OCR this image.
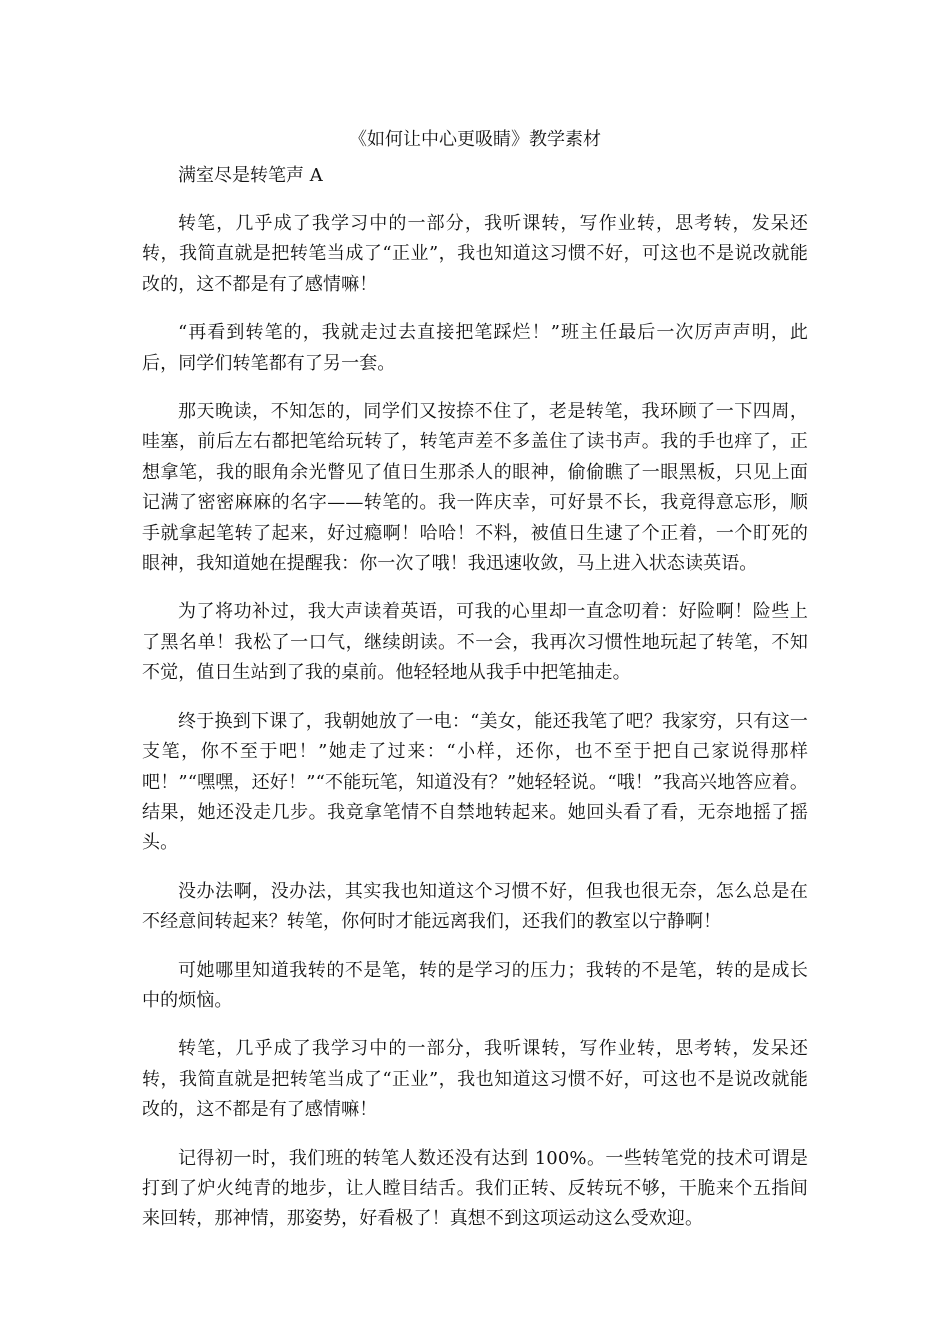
《如何让中心更吸睛》教学素材

满室尽是转笔声 A

转笔，几乎成了我学习中的一部分，我听课转，写作业转，思考转，发呆还转，我简直就是把转笔当成了“正业”，我也知道这习惯不好，可这也不是说改就能改的，这不都是有了感情嘛！

“再看到转笔的，我就走过去直接把笔踩烂！”班主任最后一次厉声声明，此后，同学们转笔都有了另一套。

那天晚读，不知怎的，同学们又按捺不住了，老是转笔，我环顾了一下四周，哇塞，前后左右都把笔给玩转了，转笔声差不多盖住了读书声。我的手也痒了，正想拿笔，我的眼角余光瞥见了值日生那杀人的眼神，偷偷瞧了一眼黑板，只见上面记满了密密麻麻的名字——转笔的。我一阵庆幸，可好景不长，我竟得意忘形，顺手就拿起笔转了起来，好过瘾啊！哈哈！不料，被值日生逮了个正着，一个盯死的眼神，我知道她在提醒我：你一次了哦！我迅速收敛，马上进入状态读英语。

为了将功补过，我大声读着英语，可我的心里却一直念叨着：好险啊！险些上了黑名单！我松了一口气，继续朗读。不一会，我再次习惯性地玩起了转笔，不知不觉，值日生站到了我的桌前。他轻轻地从我手中把笔抽走。

终于换到下课了，我朝她放了一电：“美女，能还我笔了吧？我家穷，只有这一支笔，你不至于吧！”她走了过来：“小样，还你，也不至于把自己家说得那样吧！”“嘿嘿，还好！”“不能玩笔，知道没有？”她轻轻说。“哦！”我高兴地答应着。结果，她还没走几步。我竟拿笔情不自禁地转起来。她回头看了看，无奈地摇了摇头。

没办法啊，没办法，其实我也知道这个习惯不好，但我也很无奈，怎么总是在不经意间转起来？转笔，你何时才能远离我们，还我们的教室以宁静啊！

可她哪里知道我转的不是笔，转的是学习的压力；我转的不是笔，转的是成长中的烦恼。

转笔，几乎成了我学习中的一部分，我听课转，写作业转，思考转，发呆还转，我简直就是把转笔当成了“正业”，我也知道这习惯不好，可这也不是说改就能改的，这不都是有了感情嘛！

记得初一时，我们班的转笔人数还没有达到 100%。一些转笔党的技术可谓是打到了炉火纯青的地步，让人瞠目结舌。我们正转、反转玩不够，干脆来个五指间来回转，那神情，那姿势，好看极了！真想不到这项运动这么受欢迎。
